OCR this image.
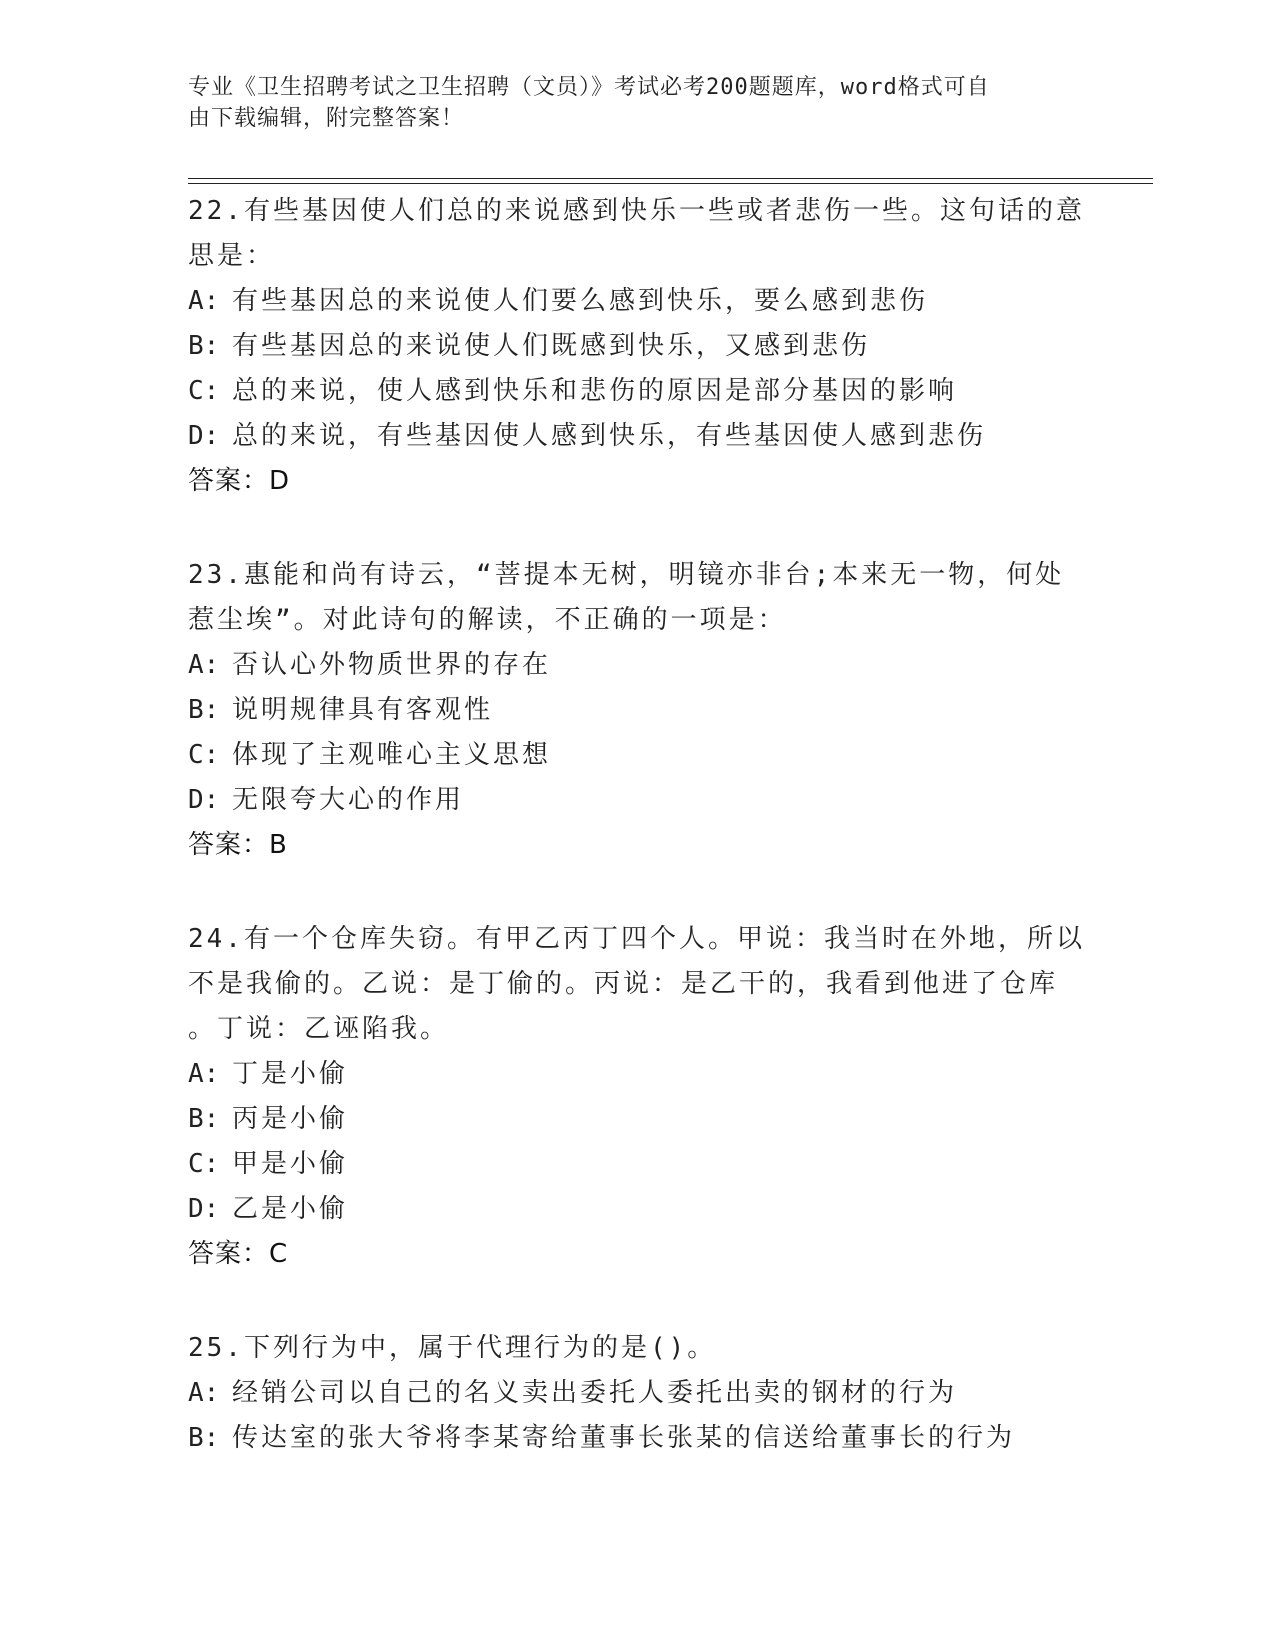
专业《卫生招聘考试之卫生招聘（文员）》考试必考200题题库，word格式可自
由下载编辑，附完整答案！

22.有些基因使人们总的来说感到快乐一些或者悲伤一些。这句话的意

思是：

A: 有些基因总的来说使人们要么感到快乐，要么感到悲伤

B: 有些基因总的来说使人们既感到快乐，又感到悲伤

C: 总的来说，使人感到快乐和悲伤的原因是部分基因的影响

D: 总的来说，有些基因使人感到快乐，有些基因使人感到悲伤

答案：D

23.惠能和尚有诗云，“菩提本无树，明镜亦非台;本来无一物，何处

惹尘埃”。对此诗句的解读，不正确的一项是：

A: 否认心外物质世界的存在

B: 说明规律具有客观性

C: 体现了主观唯心主义思想

D: 无限夸大心的作用

答案：B

24.有一个仓库失窃。有甲乙丙丁四个人。甲说：我当时在外地，所以

不是我偷的。乙说：是丁偷的。丙说：是乙干的，我看到他进了仓库

。丁说：乙诬陷我。

A: 丁是小偷

B: 丙是小偷

C: 甲是小偷

D: 乙是小偷

答案：C

25.下列行为中，属于代理行为的是()。

A: 经销公司以自己的名义卖出委托人委托出卖的钢材的行为

B: 传达室的张大爷将李某寄给董事长张某的信送给董事长的行为
